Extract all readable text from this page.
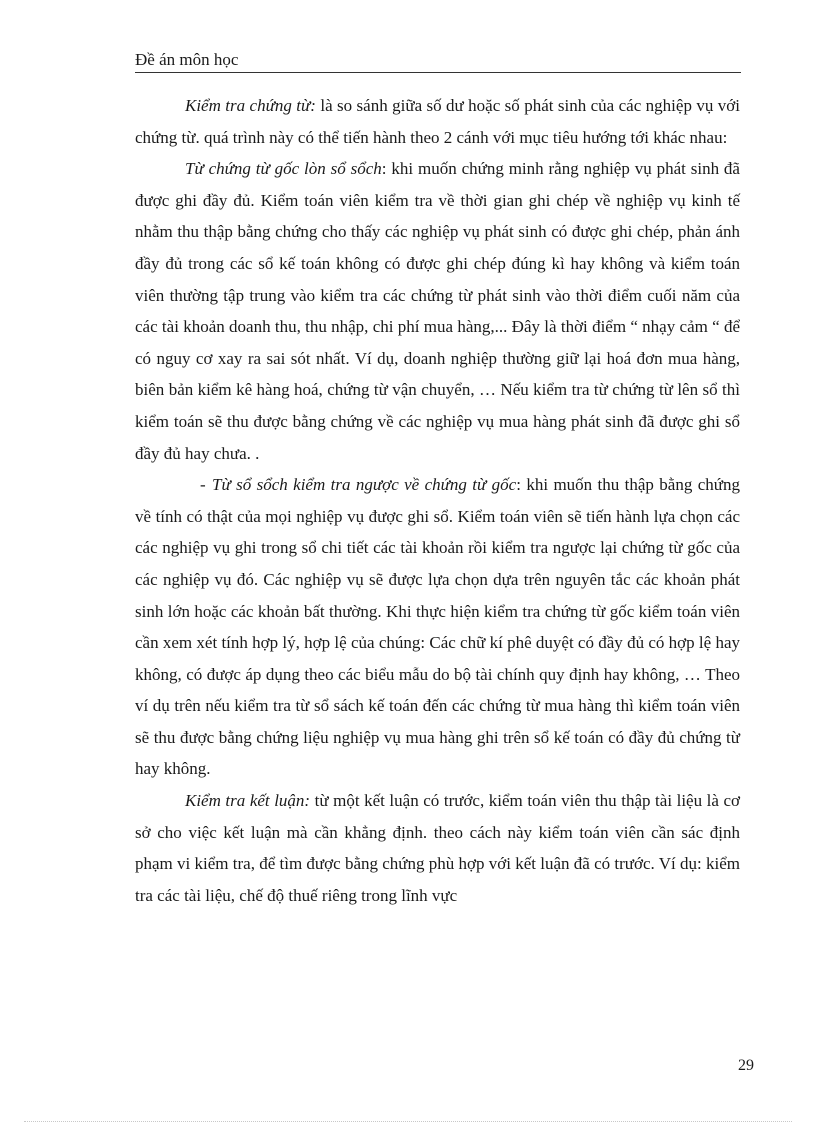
Đề án môn học

Kiểm tra chứng từ: là so sánh giữa số dư hoặc số phát sinh của các nghiệp vụ với chứng từ. quá trình này có thể tiến hành theo 2 cánh với mục tiêu hướng tới khác nhau:

Từ chứng từ gốc lòn sổ sổch: khi muốn chứng minh rằng nghiệp vụ phát sinh đã được ghi đầy đủ. Kiểm toán viên kiểm tra về thời gian ghi chép về nghiệp vụ kinh tế nhằm thu thập bằng chứng cho thấy các nghiệp vụ phát sinh có được ghi chép, phản ánh đầy đủ trong các sổ kế toán không có được ghi chép đúng kì hay không và kiểm toán viên thường tập trung vào kiểm tra các chứng từ phát sinh vào thời điểm cuối năm của các tài khoản doanh thu, thu nhập, chi phí mua hàng,... Đây là thời điểm “ nhạy cảm “ để có nguy cơ xay ra sai sót nhất. Ví dụ, doanh nghiệp thường giữ lại hoá đơn mua hàng, biên bản kiểm kê hàng hoá, chứng từ vận chuyển, … Nếu kiểm tra từ chứng từ lên sổ thì kiểm toán sẽ thu được bằng chứng về các nghiệp vụ mua hàng phát sinh đã được ghi sổ đầy đủ hay chưa. .

- Từ sổ sổch kiểm tra ngược về chứng từ gốc: khi muốn thu thập bằng chứng về tính có thật của mọi nghiệp vụ được ghi sổ. Kiểm toán viên sẽ tiến hành lựa chọn các các nghiệp vụ ghi trong sổ chi tiết các tài khoản rồi kiểm tra ngược lại chứng từ gốc của các nghiệp vụ đó. Các nghiệp vụ sẽ được lựa chọn dựa trên nguyên tắc các khoản phát sinh lớn hoặc các khoản bất thường. Khi thực hiện kiểm tra chứng từ gốc kiểm toán viên cần xem xét tính hợp lý, hợp lệ của chúng: Các chữ kí phê duyệt có đầy đủ có hợp lệ hay không, có được áp dụng theo các biểu mẫu do bộ tài chính quy định hay không, … Theo ví dụ trên nếu kiểm tra từ sổ sách kế toán đến các chứng từ mua hàng thì kiểm toán viên sẽ thu được bằng chứng liệu nghiệp vụ mua hàng ghi trên sổ kế toán có đầy đủ chứng từ hay không.

Kiểm tra kết luận: từ một kết luận có trước, kiểm toán viên thu thập tài liệu là cơ sở cho việc kết luận mà cần khẳng định. theo cách này kiểm toán viên cần sác định phạm vi kiểm tra, để tìm được bằng chứng phù hợp với kết luận đã có trước. Ví dụ: kiểm tra các tài liệu, chế độ thuế riêng trong lĩnh vực

29
